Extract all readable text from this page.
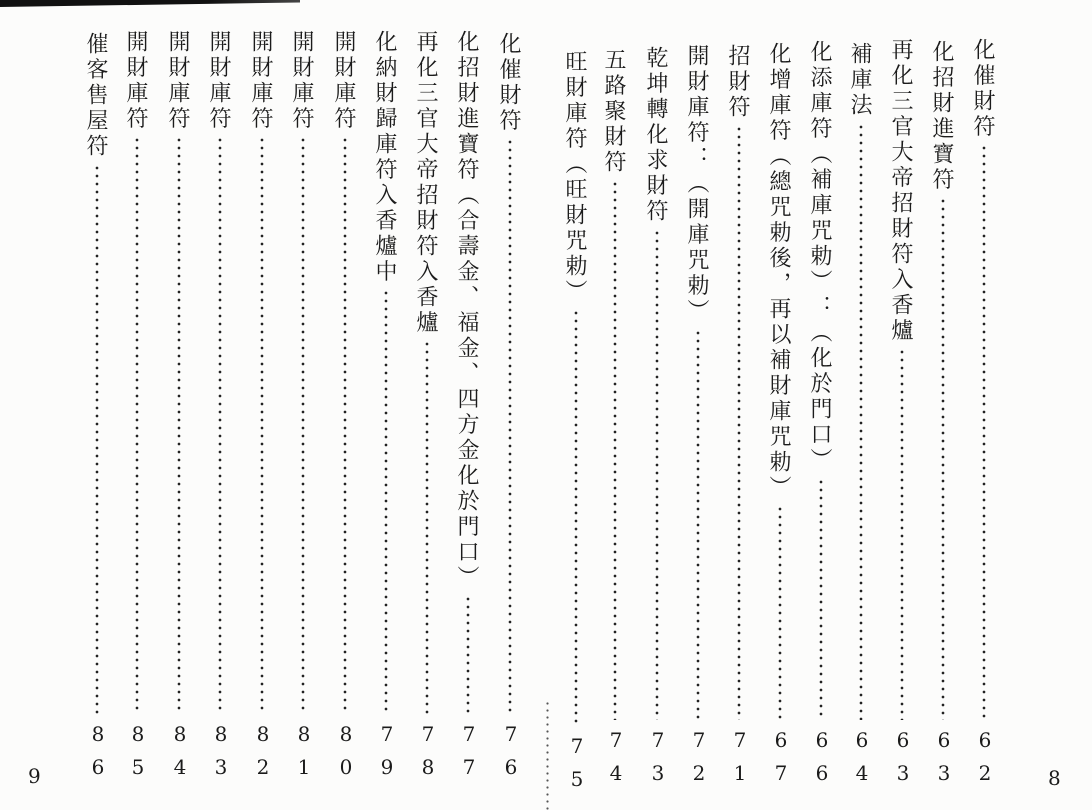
化催財符
62
化招財進寶符
63
再化三官大帝招財符入香爐
63
補庫法
64
化添庫符（補庫咒勅）：（化於門口）
66
化增庫符（總咒勅後，再以補財庫咒勅）
67
招財符
71
開財庫符：（開庫咒勅）
72
乾坤轉化求財符
73
五路聚財符
74
旺財庫符（旺財咒勅）
75	8
化催財符
76
化招財進寶符（合壽金、福金、四方金化於門口）
77
再化三官大帝招財符入香爐
78
化納財歸庫符入香爐中
79
開財庫符
80
開財庫符
81
開財庫符
82
開財庫符
83
開財庫符
84
開財庫符
85
催客售屋符
86
9
